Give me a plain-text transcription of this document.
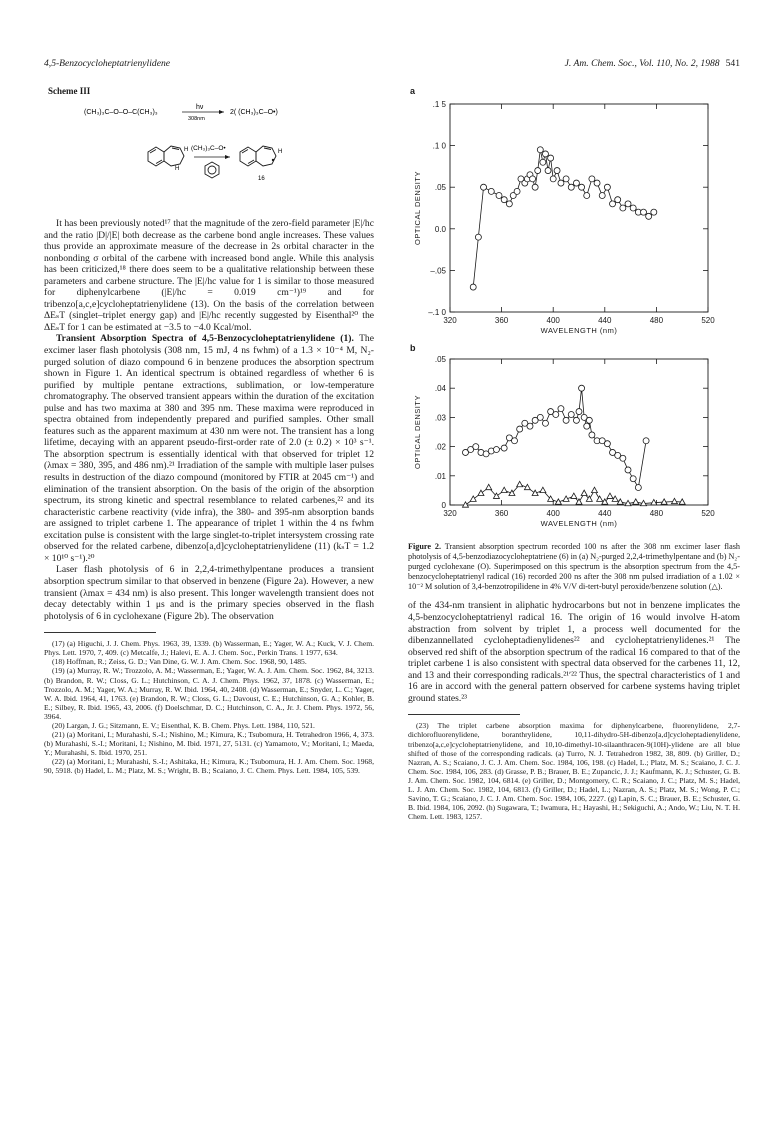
4,5-Benzocycloheptatrienylidene	J. Am. Chem. Soc., Vol. 110, No. 2, 1988 541
Scheme III
(CH₃)₃C–O–O–C(CH₃)₃
hν
308nm
2( (CH₃)₃C–O•)
H
H
(CH₃)₃C–O•	H
16

It has been previously noted¹⁷ that the magnitude of the zero-field parameter |E|/hc and the ratio |D|/|E| both decrease as the carbene bond angle increases. These values thus provide an approximate measure of the decrease in 2s orbital character in the nonbonding σ orbital of the carbene with increased bond angle. While this analysis has been criticized,¹⁸ there does seem to be a qualitative relationship between these parameters and carbene structure. The |E|/hc value for 1 is similar to those measured for diphenylcarbene (|E|/hc = 0.019 cm⁻¹)¹⁹ and for tribenzo[a,c,e]cycloheptatrienylidene (13). On the basis of the correlation between ΔEₛT (singlet–triplet energy gap) and |E|/hc recently suggested by Eisenthal²⁰ the ΔEₛT for 1 can be estimated at −3.5 to −4.0 Kcal/mol.

Transient Absorption Spectra of 4,5-Benzocycloheptatrienylidene (1). The excimer laser flash photolysis (308 nm, 15 mJ, 4 ns fwhm) of a 1.3 × 10⁻⁴ M, N₂-purged solution of diazo compound 6 in benzene produces the absorption spectrum shown in Figure 1. An identical spectrum is obtained regardless of whether 6 is purified by multiple pentane extractions, sublimation, or low-temperature chromatography. The observed transient appears within the duration of the excitation pulse and has two maxima at 380 and 395 nm. These maxima were reproduced in spectra obtained from independently prepared and purified samples. Other small features such as the apparent maximum at 430 nm were not. The transient has a long lifetime, decaying with an apparent pseudo-first-order rate of 2.0 (± 0.2) × 10³ s⁻¹. The absorption spectrum is essentially identical with that observed for triplet 12 (λmax = 380, 395, and 486 nm).²¹ Irradiation of the sample with multiple laser pulses results in destruction of the diazo compound (monitored by FTIR at 2045 cm⁻¹) and elimination of the transient absorption. On the basis of the origin of the absorption spectrum, its strong kinetic and spectral resemblance to related carbenes,²² and its characteristic carbene reactivity (vide infra), the 380- and 395-nm absorption bands are assigned to triplet carbene 1. The appearance of triplet 1 within the 4 ns fwhm excitation pulse is consistent with the large singlet-to-triplet intersystem crossing rate observed for the related carbene, dibenzo[a,d]cycloheptatrienylidene (11) (kₛT = 1.2 × 10¹⁰ s⁻¹).²⁰

Laser flash photolysis of 6 in 2,2,4-trimethylpentane produces a transient absorption spectrum similar to that observed in benzene (Figure 2a). However, a new transient (λmax = 434 nm) is also present. This longer wavelength transient does not decay detectably within 1 μs and is the primary species observed in the flash photolysis of 6 in cyclohexane (Figure 2b). The observation

(17) (a) Higuchi, J. J. Chem. Phys. 1963, 39, 1339. (b) Wasserman, E.; Yager, W. A.; Kuck, V. J. Chem. Phys. Lett. 1970, 7, 409. (c) Metcalfe, J.; Halevi, E. A. J. Chem. Soc., Perkin Trans. 1 1977, 634.

(18) Hoffman, R.; Zeiss, G. D.; Van Dine, G. W. J. Am. Chem. Soc. 1968, 90, 1485.

(19) (a) Murray, R. W.; Trozzolo, A. M.; Wasserman, E.; Yager, W. A. J. Am. Chem. Soc. 1962, 84, 3213. (b) Brandon, R. W.; Closs, G. L.; Hutchinson, C. A. J. Chem. Phys. 1962, 37, 1878. (c) Wasserman, E.; Trozzolo, A. M.; Yager, W. A.; Murray, R. W. Ibid. 1964, 40, 2408. (d) Wasserman, E.; Snyder, L. C.; Yager, W. A. Ibid. 1964, 41, 1763. (e) Brandon, R. W.; Closs, G. L.; Davoust, C. E.; Hutchinson, G. A.; Kohler, B. E.; Silbey, R. Ibid. 1965, 43, 2006. (f) Doelschmar, D. C.; Hutchinson, C. A., Jr. J. Chem. Phys. 1972, 56, 3964.

(20) Largan, J. G.; Sitzmann, E. V.; Eisenthal, K. B. Chem. Phys. Lett. 1984, 110, 521.

(21) (a) Moritani, I.; Murahashi, S.-I.; Nishino, M.; Kimura, K.; Tsubomura, H. Tetrahedron 1966, 4, 373. (b) Murahashi, S.-I.; Moritani, I.; Nishino, M. Ibid. 1971, 27, 5131. (c) Yamamoto, V.; Moritani, I.; Maeda, Y.; Murahashi, S. Ibid. 1970, 251.

(22) (a) Moritani, I.; Murahashi, S.-I.; Ashitaka, H.; Kimura, K.; Tsubomura, H. J. Am. Chem. Soc. 1968, 90, 5918. (b) Hadel, L. M.; Platz, M. S.; Wright, B. B.; Scaiano, J. C. Chem. Phys. Lett. 1984, 105, 539.

a
–.1 0
–.05
0.0
.05
.1 0
.1 5
320	360	400	440	480	520
WAVELENGTH (nm)
OPTICAL DENSITY
b
0
.01
.02
.03
.04
.05
320	360	400	440	480	520
WAVELENGTH (nm)
OPTICAL DENSITY

Figure 2. Transient absorption spectrum recorded 100 ns after the 308 nm excimer laser flash photolysis of 4,5-benzodiazocycloheptatriene (6) in (a) N₂-purged 2,2,4-trimethylpentane and (b) N₂-purged cyclohexane (O). Superimposed on this spectrum is the absorption spectrum from the 4,5-benzocycloheptatrienyl radical (16) recorded 200 ns after the 308 nm pulsed irradiation of a 1.02 × 10⁻² M solution of 3,4-benzotropilidene in 4% V/V di-tert-butyl peroxide/benzene solution (△).

of the 434-nm transient in aliphatic hydrocarbons but not in benzene implicates the 4,5-benzocycloheptatrienyl radical 16. The origin of 16 would involve H-atom abstraction from solvent by triplet 1, a process well documented for the dibenzannellated cycloheptadienylidenes²² and cycloheptatrienylidenes.²¹ The observed red shift of the absorption spectrum of the radical 16 compared to that of the triplet carbene 1 is also consistent with spectral data observed for the carbenes 11, 12, and 13 and their corresponding radicals.²¹ʹ²² Thus, the spectral characteristics of 1 and 16 are in accord with the general pattern observed for carbene systems having triplet ground states.²³

(23) The triplet carbene absorption maxima for diphenylcarbene, fluorenylidene, 2,7-dichlorofluorenylidene, boranthrylidene, 10,11-dihydro-5H-dibenzo[a,d]cycloheptadienylidene, tribenzo[a,c,e]cycloheptatrienylidene, and 10,10-dimethyl-10-silaanthracen-9(10H)-ylidene are all blue shifted of those of the corresponding radicals. (a) Turro, N. J. Tetrahedron 1982, 38, 809. (b) Griller, D.; Nazran, A. S.; Scaiano, J. C. J. Am. Chem. Soc. 1984, 106, 198. (c) Hadel, L.; Platz, M. S.; Scaiano, J. C. J. Chem. Soc. 1984, 106, 283. (d) Grasse, P. B.; Brauer, B. E.; Zupancic, J. J.; Kaufmann, K. J.; Schuster, G. B. J. Am. Chem. Soc. 1982, 104, 6814. (e) Griller, D.; Montgomery, C. R.; Scaiano, J. C.; Platz, M. S.; Hadel, L. J. Am. Chem. Soc. 1982, 104, 6813. (f) Griller, D.; Hadel, L.; Nazran, A. S.; Platz, M. S.; Wong, P. C.; Savino, T. G.; Scaiano, J. C. J. Am. Chem. Soc. 1984, 106, 2227. (g) Lapin, S. C.; Brauer, B. E.; Schuster, G. B. Ibid. 1984, 106, 2092. (h) Sugawara, T.; Iwamura, H.; Hayashi, H.; Sekiguchi, A.; Ando, W.; Liu, N. T. H. Chem. Lett. 1983, 1257.
